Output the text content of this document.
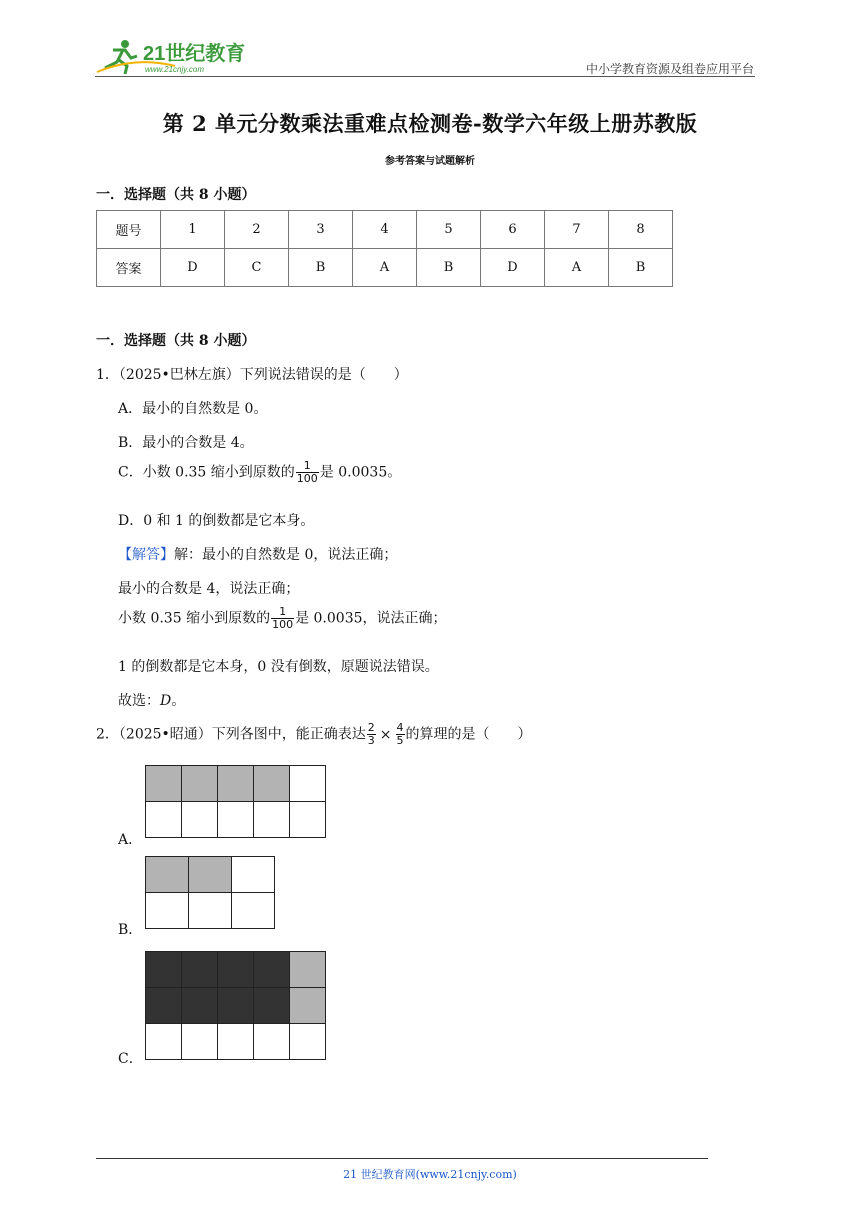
21世纪教育
www.21cnjy.com	中小学教育资源及组卷应用平台
第 2 单元分数乘法重难点检测卷-数学六年级上册苏教版
参考答案与试题解析
一．选择题（共 8 小题）
题号	1	2	3	4	5	6	7	8
答案	D	C	B	A	B	D	A	B
一．选择题（共 8 小题）
1．（2025•巴林左旗）下列说法错误的是（　　）
A．最小的自然数是 0。
B．最小的合数是 4。
C．小数 0.35 缩小到原数的 $\frac{1}{100}$ 是 0.0035。
D．0 和 1 的倒数都是它本身。
【解答】解：最小的自然数是 0，说法正确；
最小的合数是 4，说法正确；
小数 0.35 缩小到原数的 $\frac{1}{100}$ 是 0.0035，说法正确；
1 的倒数都是它本身，0 没有倒数，原题说法错误。
故选：D。
2．（2025•昭通）下列各图中，能正确表达 $\frac{2}{3} \times \frac{4}{5}$ 的算理的是（　　）
A．
B．
C．
21 世纪教育网(www.21cnjy.com)
